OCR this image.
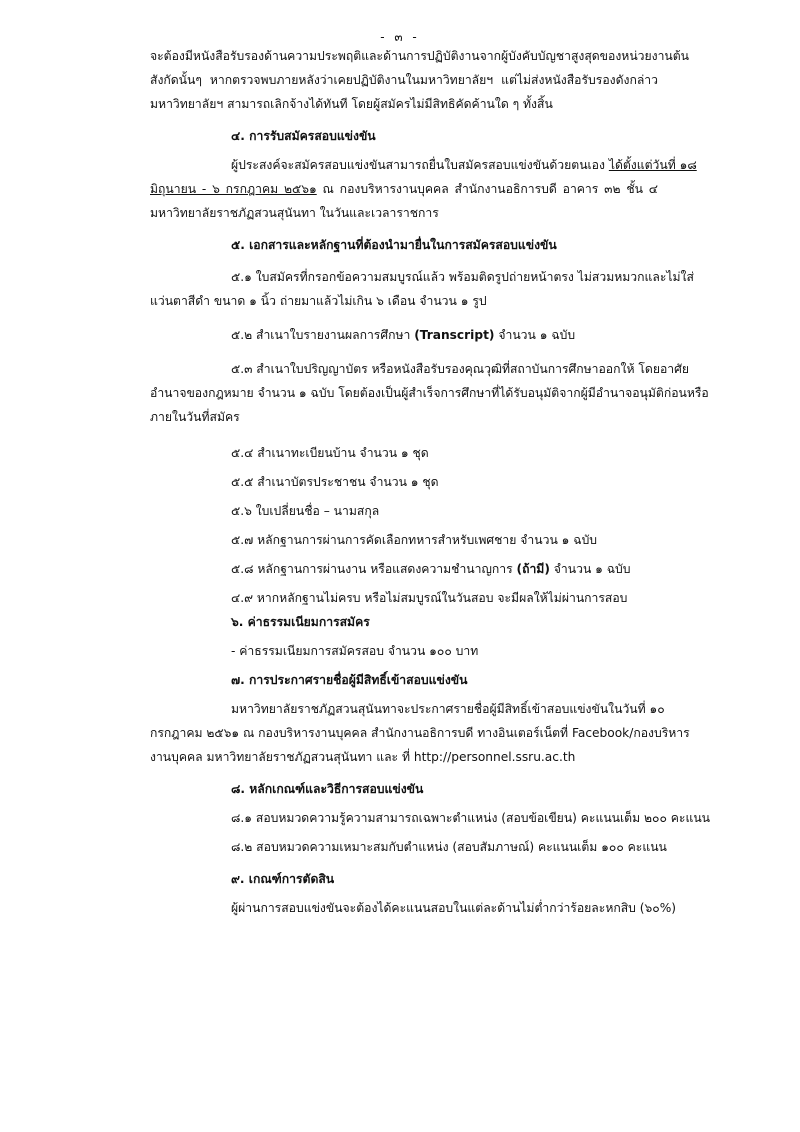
- ๓ -
จะต้องมีหนังสือรับรองด้านความประพฤติและด้านการปฏิบัติงานจากผู้บังคับบัญชาสูงสุดของหน่วยงานต้น
สังกัดนั้นๆ หากตรวจพบภายหลังว่าเคยปฏิบัติงานในมหาวิทยาลัยฯ แต่ไม่ส่งหนังสือรับรองดังกล่าว
มหาวิทยาลัยฯ สามารถเลิกจ้างได้ทันที โดยผู้สมัครไม่มีสิทธิคัดค้านใด ๆ ทั้งสิ้น
๔. การรับสมัครสอบแข่งขัน
ผู้ประสงค์จะสมัครสอบแข่งขันสามารถยื่นใบสมัครสอบแข่งขันด้วยตนเอง ได้ตั้งแต่วันที่ ๑๘
มิถุนายน - ๖ กรกฎาคม ๒๕๖๑ ณ กองบริหารงานบุคคล สำนักงานอธิการบดี อาคาร ๓๒ ชั้น ๔
มหาวิทยาลัยราชภัฏสวนสุนันทา ในวันและเวลาราชการ
๕. เอกสารและหลักฐานที่ต้องนำมายื่นในการสมัครสอบแข่งขัน
๕.๑ ใบสมัครที่กรอกข้อความสมบูรณ์แล้ว พร้อมติดรูปถ่ายหน้าตรง ไม่สวมหมวกและไม่ใส่
แว่นตาสีดำ ขนาด ๑ นิ้ว ถ่ายมาแล้วไม่เกิน ๖ เดือน จำนวน ๑ รูป
๕.๒ สำเนาใบรายงานผลการศึกษา (Transcript) จำนวน ๑ ฉบับ
๕.๓ สำเนาใบปริญญาบัตร หรือหนังสือรับรองคุณวุฒิที่สถาบันการศึกษาออกให้ โดยอาศัย
อำนาจของกฎหมาย จำนวน ๑ ฉบับ โดยต้องเป็นผู้สำเร็จการศึกษาที่ได้รับอนุมัติจากผู้มีอำนาจอนุมัติก่อนหรือ
ภายในวันที่สมัคร
๕.๔ สำเนาทะเบียนบ้าน จำนวน ๑ ชุด
๕.๕ สำเนาบัตรประชาชน จำนวน ๑ ชุด
๕.๖ ใบเปลี่ยนชื่อ – นามสกุล
๕.๗ หลักฐานการผ่านการคัดเลือกทหารสำหรับเพศชาย จำนวน ๑ ฉบับ
๕.๘ หลักฐานการผ่านงาน หรือแสดงความชำนาญการ (ถ้ามี) จำนวน ๑ ฉบับ
๔.๙ หากหลักฐานไม่ครบ หรือไม่สมบูรณ์ในวันสอบ จะมีผลให้ไม่ผ่านการสอบ
๖. ค่าธรรมเนียมการสมัคร
- ค่าธรรมเนียมการสมัครสอบ จำนวน ๑๐๐ บาท
๗. การประกาศรายชื่อผู้มีสิทธิ์เข้าสอบแข่งขัน
มหาวิทยาลัยราชภัฏสวนสุนันทาจะประกาศรายชื่อผู้มีสิทธิ์เข้าสอบแข่งขันในวันที่ ๑๐
กรกฎาคม ๒๕๖๑ ณ กองบริหารงานบุคคล สำนักงานอธิการบดี ทางอินเตอร์เน็ตที่ Facebook/กองบริหาร
งานบุคคล มหาวิทยาลัยราชภัฏสวนสุนันทา และ ที่ http://personnel.ssru.ac.th
๘. หลักเกณฑ์และวิธีการสอบแข่งขัน
๘.๑ สอบหมวดความรู้ความสามารถเฉพาะตำแหน่ง (สอบข้อเขียน) คะแนนเต็ม ๒๐๐ คะแนน
๘.๒ สอบหมวดความเหมาะสมกับตำแหน่ง (สอบสัมภาษณ์) คะแนนเต็ม ๑๐๐ คะแนน
๙. เกณฑ์การตัดสิน
ผู้ผ่านการสอบแข่งขันจะต้องได้คะแนนสอบในแต่ละด้านไม่ต่ำกว่าร้อยละหกสิบ (๖๐%)
